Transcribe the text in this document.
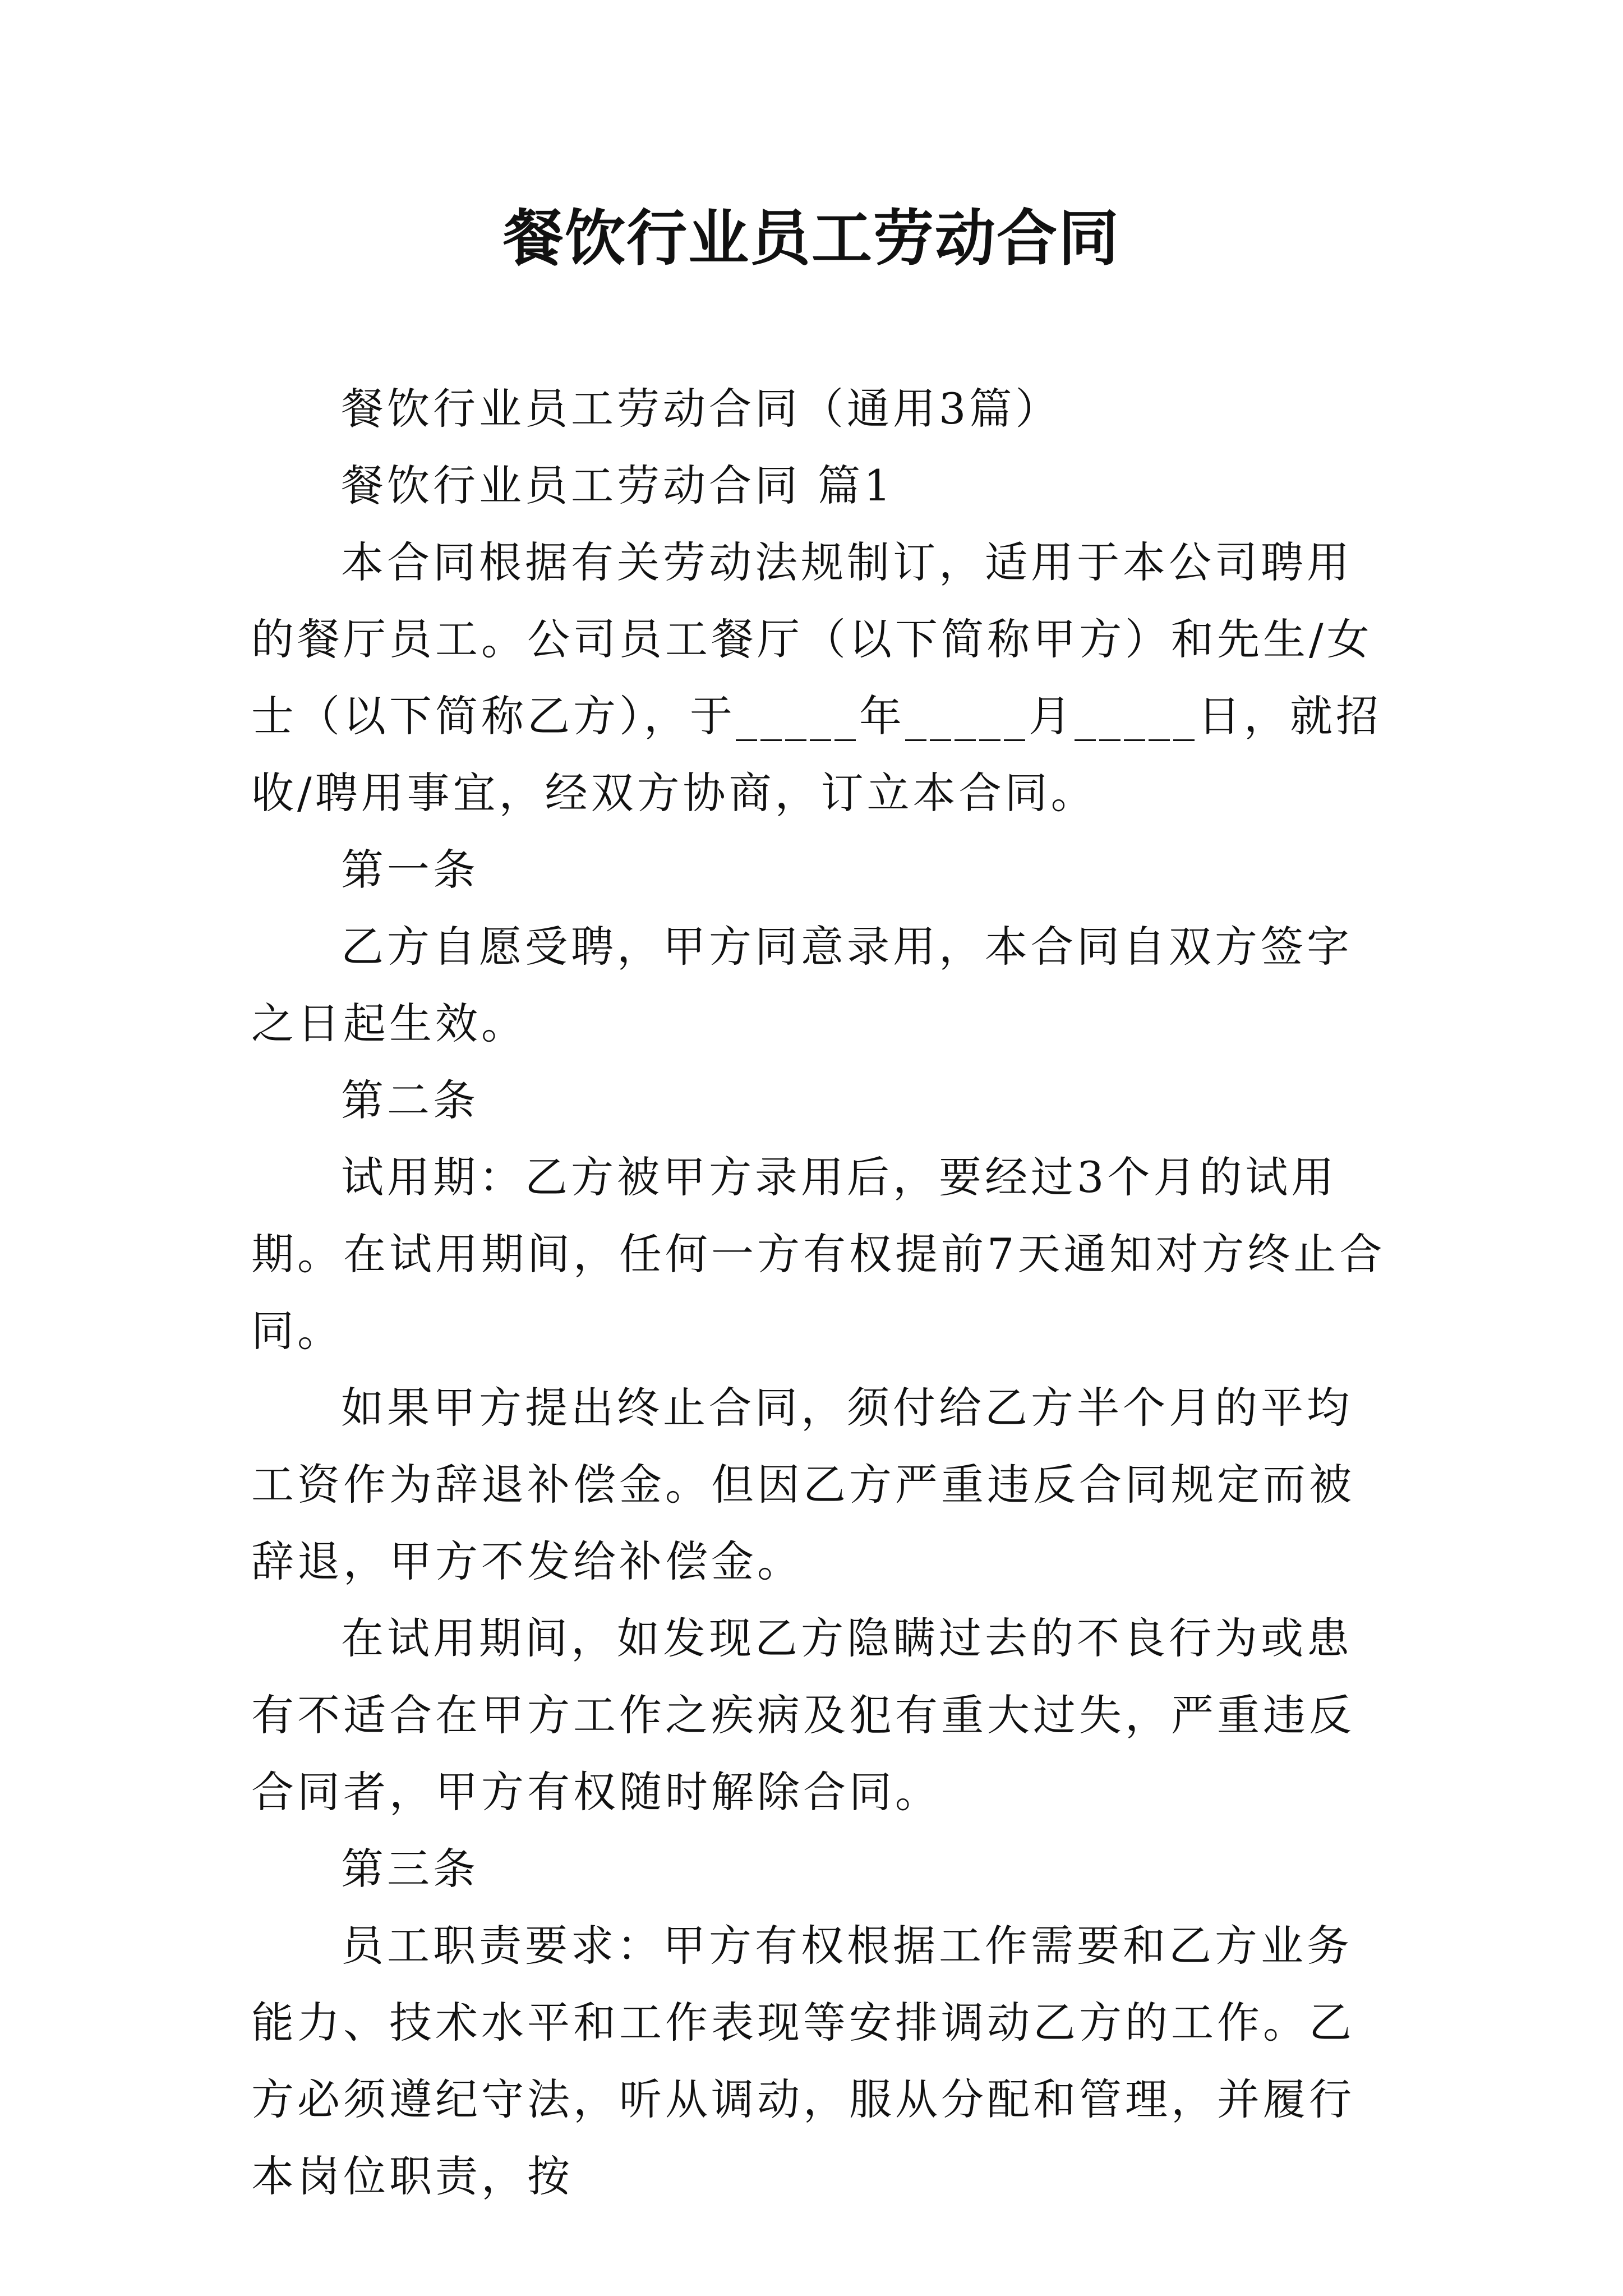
餐饮行业员工劳动合同

餐饮行业员工劳动合同（通用3篇）

餐饮行业员工劳动合同 篇1

本合同根据有关劳动法规制订，适用于本公司聘用的餐厅员工。公司员工餐厅（以下简称甲方）和先生/女士（以下简称乙方），于_____年_____月_____日，就招收/聘用事宜，经双方协商，订立本合同。

第一条

乙方自愿受聘，甲方同意录用，本合同自双方签字之日起生效。

第二条

试用期：乙方被甲方录用后，要经过3个月的试用期。在试用期间，任何一方有权提前7天通知对方终止合同。

如果甲方提出终止合同，须付给乙方半个月的平均工资作为辞退补偿金。但因乙方严重违反合同规定而被辞退，甲方不发给补偿金。

在试用期间，如发现乙方隐瞒过去的不良行为或患有不适合在甲方工作之疾病及犯有重大过失，严重违反合同者，甲方有权随时解除合同。

第三条

员工职责要求：甲方有权根据工作需要和乙方业务能力、技术水平和工作表现等安排调动乙方的工作。乙方必须遵纪守法，听从调动，服从分配和管理，并履行本岗位职责，按
